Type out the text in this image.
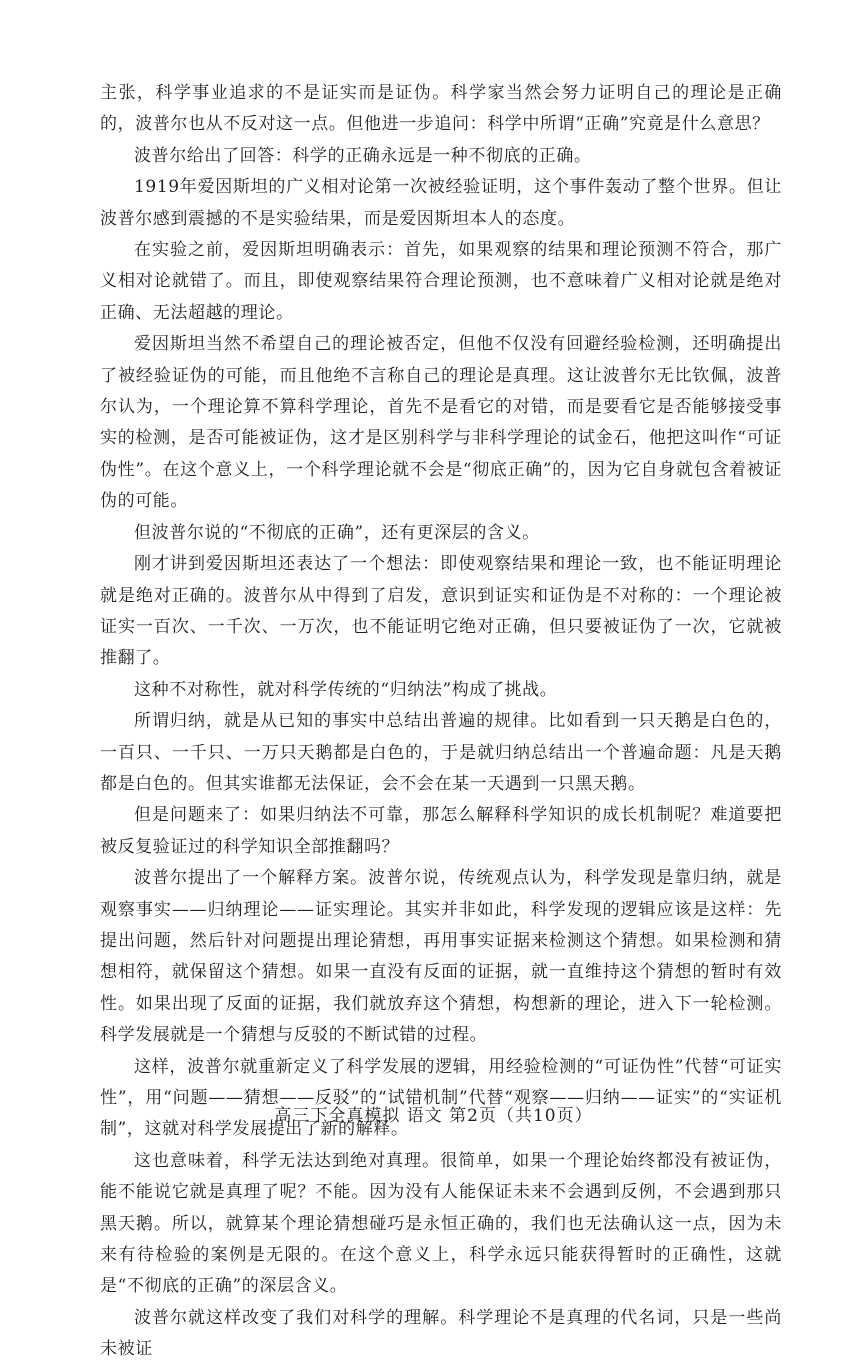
主张，科学事业追求的不是证实而是证伪。科学家当然会努力证明自己的理论是正确的，波普尔也从不反对这一点。但他进一步追问：科学中所谓“正确”究竟是什么意思？

波普尔给出了回答：科学的正确永远是一种不彻底的正确。

1919年爱因斯坦的广义相对论第一次被经验证明，这个事件轰动了整个世界。但让波普尔感到震撼的不是实验结果，而是爱因斯坦本人的态度。

在实验之前，爱因斯坦明确表示：首先，如果观察的结果和理论预测不符合，那广义相对论就错了。而且，即使观察结果符合理论预测，也不意味着广义相对论就是绝对正确、无法超越的理论。

爱因斯坦当然不希望自己的理论被否定，但他不仅没有回避经验检测，还明确提出了被经验证伪的可能，而且他绝不言称自己的理论是真理。这让波普尔无比钦佩，波普尔认为，一个理论算不算科学理论，首先不是看它的对错，而是要看它是否能够接受事实的检测，是否可能被证伪，这才是区别科学与非科学理论的试金石，他把这叫作“可证伪性”。在这个意义上，一个科学理论就不会是“彻底正确”的，因为它自身就包含着被证伪的可能。

但波普尔说的“不彻底的正确”，还有更深层的含义。

刚才讲到爱因斯坦还表达了一个想法：即使观察结果和理论一致，也不能证明理论就是绝对正确的。波普尔从中得到了启发，意识到证实和证伪是不对称的：一个理论被证实一百次、一千次、一万次，也不能证明它绝对正确，但只要被证伪了一次，它就被推翻了。

这种不对称性，就对科学传统的“归纳法”构成了挑战。

所谓归纳，就是从已知的事实中总结出普遍的规律。比如看到一只天鹅是白色的，一百只、一千只、一万只天鹅都是白色的，于是就归纳总结出一个普遍命题：凡是天鹅都是白色的。但其实谁都无法保证，会不会在某一天遇到一只黑天鹅。

但是问题来了：如果归纳法不可靠，那怎么解释科学知识的成长机制呢？难道要把被反复验证过的科学知识全部推翻吗？

波普尔提出了一个解释方案。波普尔说，传统观点认为，科学发现是靠归纳，就是观察事实——归纳理论——证实理论。其实并非如此，科学发现的逻辑应该是这样：先提出问题，然后针对问题提出理论猜想，再用事实证据来检测这个猜想。如果检测和猜想相符，就保留这个猜想。如果一直没有反面的证据，就一直维持这个猜想的暂时有效性。如果出现了反面的证据，我们就放弃这个猜想，构想新的理论，进入下一轮检测。科学发展就是一个猜想与反驳的不断试错的过程。

这样，波普尔就重新定义了科学发展的逻辑，用经验检测的“可证伪性”代替“可证实性”，用“问题——猜想——反驳”的“试错机制”代替“观察——归纳——证实”的“实证机制”，这就对科学发展提出了新的解释。

这也意味着，科学无法达到绝对真理。很简单，如果一个理论始终都没有被证伪，能不能说它就是真理了呢？不能。因为没有人能保证未来不会遇到反例，不会遇到那只黑天鹅。所以，就算某个理论猜想碰巧是永恒正确的，我们也无法确认这一点，因为未来有待检验的案例是无限的。在这个意义上，科学永远只能获得暂时的正确性，这就是“不彻底的正确”的深层含义。

波普尔就这样改变了我们对科学的理解。科学理论不是真理的代名词，只是一些尚未被证

高三下全真模拟 语文 第2页（共10页）
